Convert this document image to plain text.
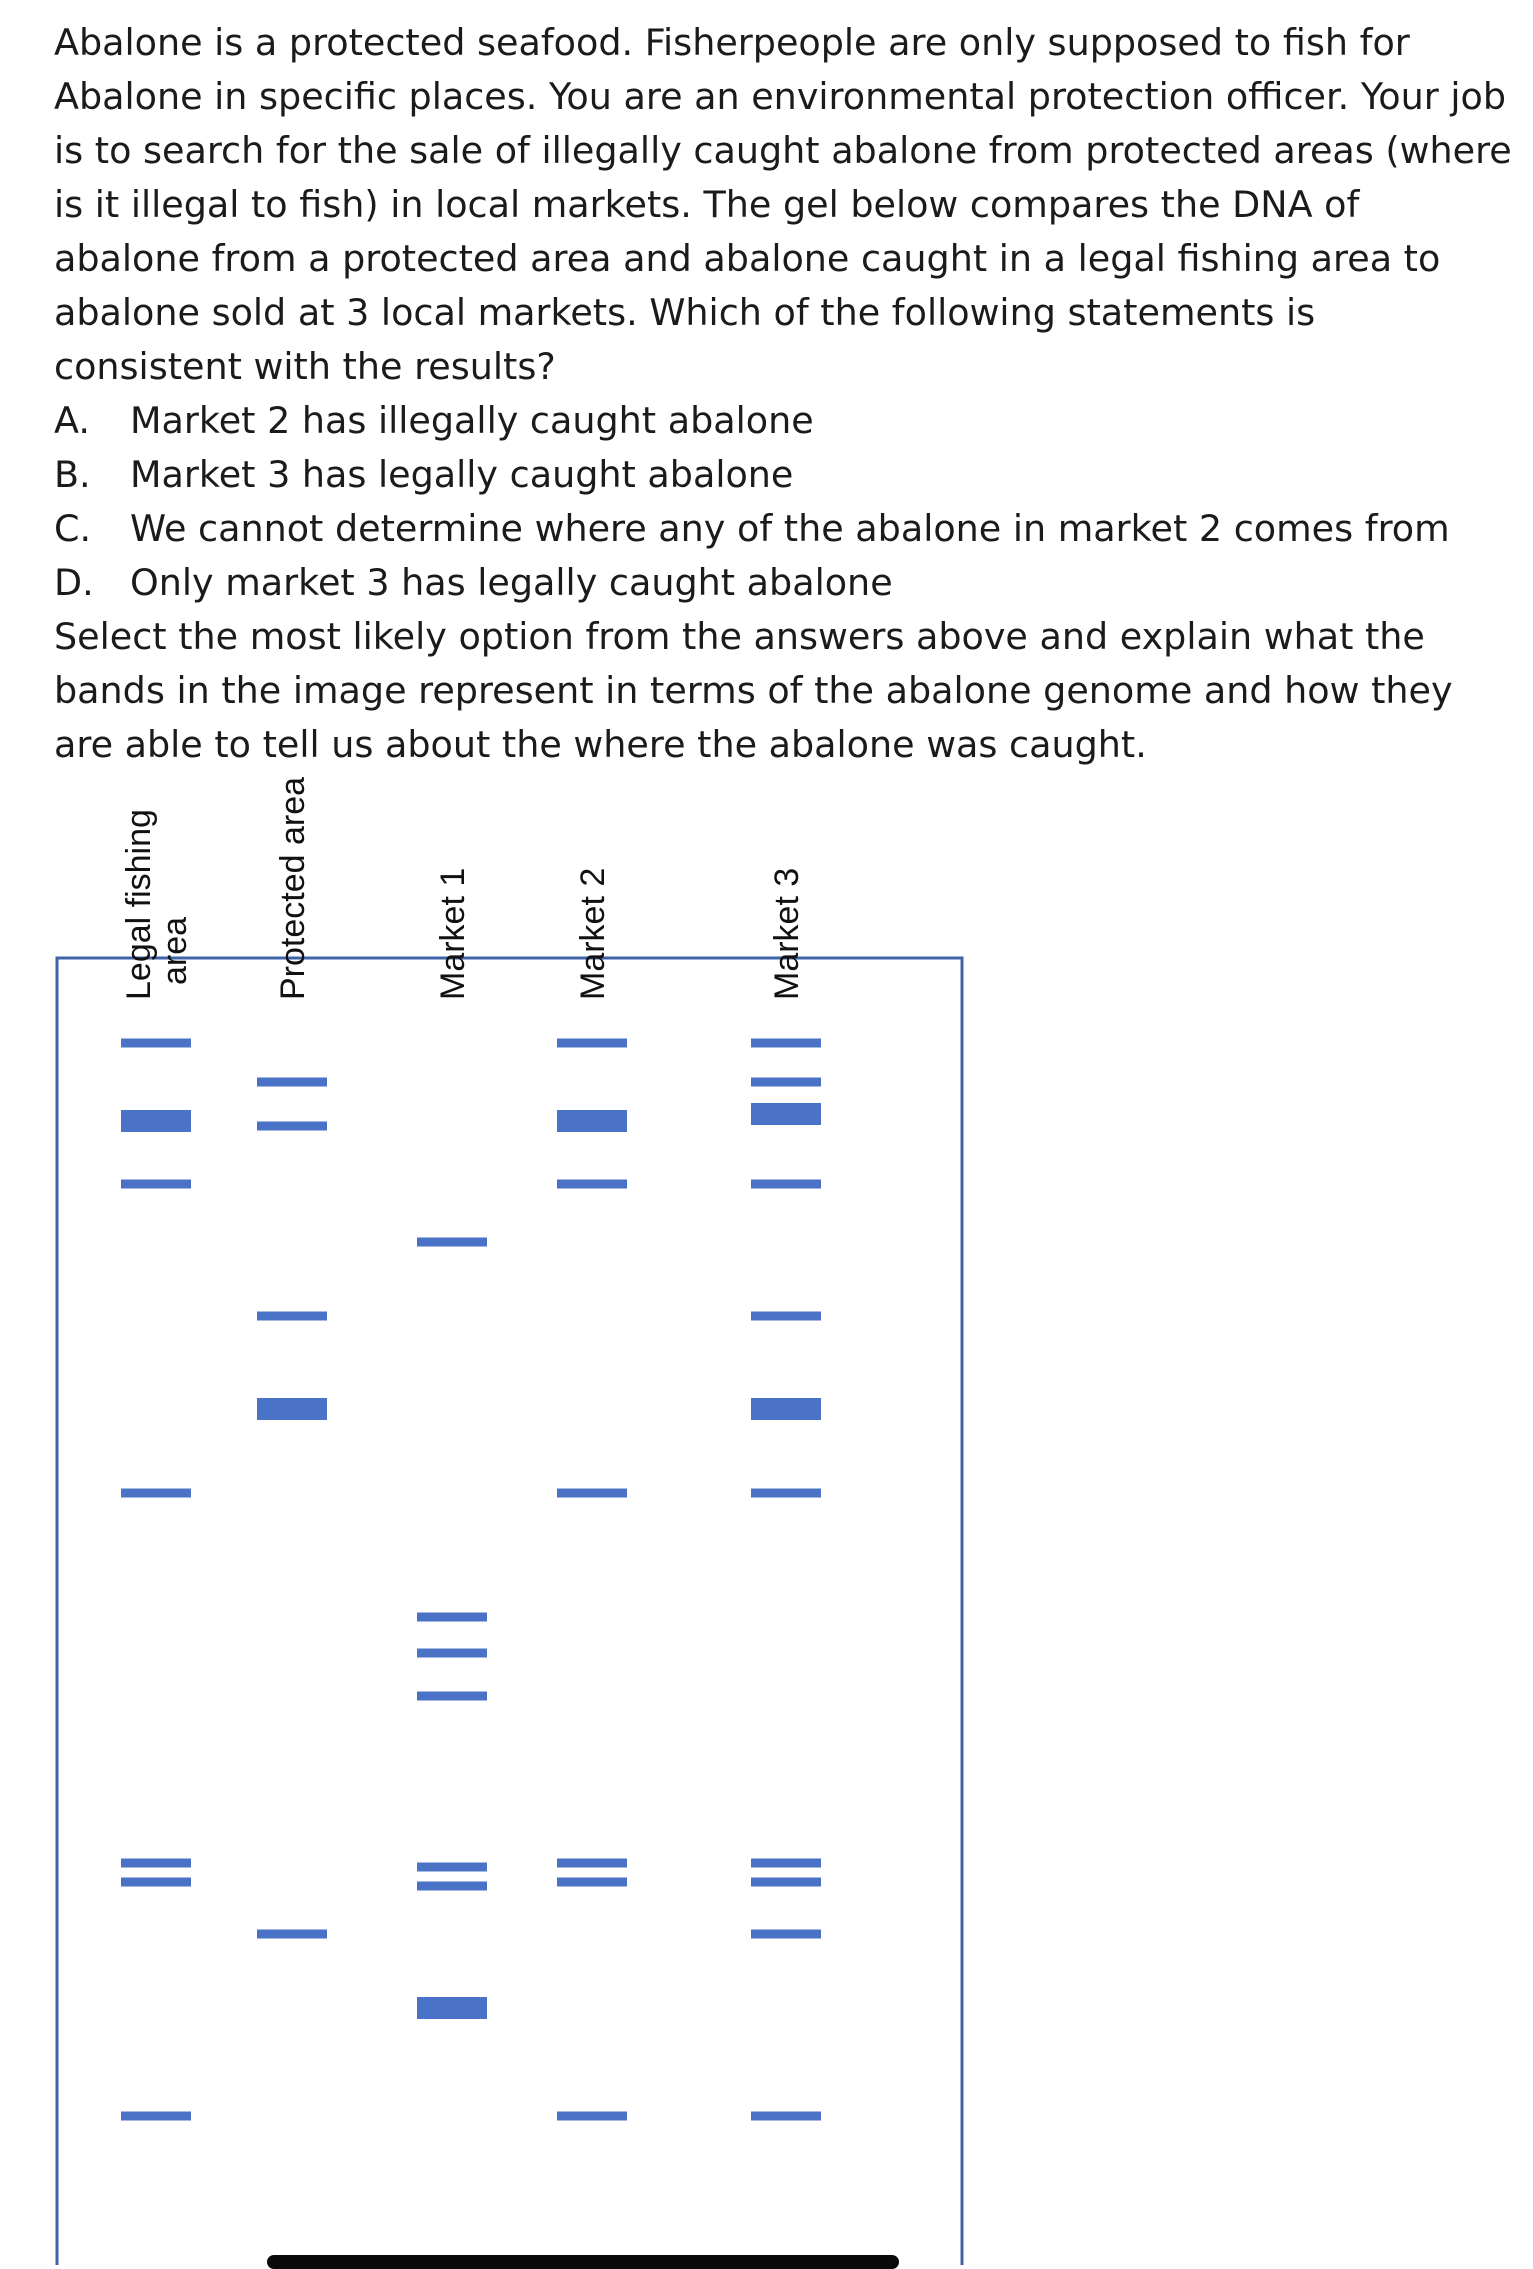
Abalone is a protected seafood. Fisherpeople are only supposed to fish for Abalone in specific places. You are an environmental protection officer. Your job is to search for the sale of illegally caught abalone from protected areas (where is it illegal to fish) in local markets. The gel below compares the DNA of abalone from a protected area and abalone caught in a legal fishing area to abalone sold at 3 local markets. Which of the following statements is consistent with the results?

A. Market 2 has illegally caught abalone
B. Market 3 has legally caught abalone
C. We cannot determine where any of the abalone in market 2 comes from
D. Only market 3 has legally caught abalone

Select the most likely option from the answers above and explain what the bands in the image represent in terms of the abalone genome and how they are able to tell us about the where the abalone was caught.

Legal fishing
area Protected area	Market 1	Market 2	Market 3
